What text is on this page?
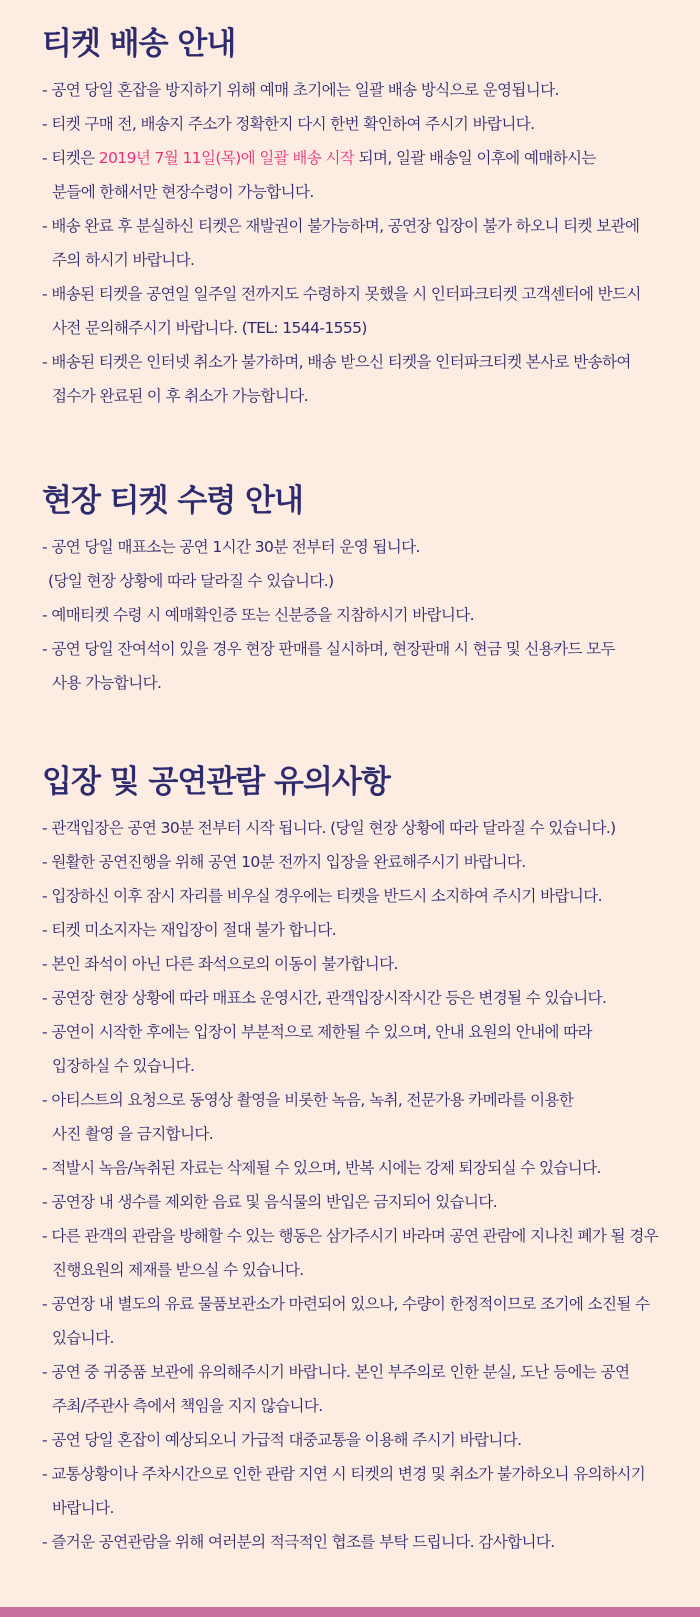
티켓 배송 안내
- 공연 당일 혼잡을 방지하기 위해 예매 초기에는 일괄 배송 방식으로 운영됩니다.
- 티켓 구매 전, 배송지 주소가 정확한지 다시 한번 확인하여 주시기 바랍니다.
- 티켓은 2019년 7월 11일(목)에 일괄 배송 시작 되며, 일괄 배송일 이후에 예매하시는
분들에 한해서만 현장수령이 가능합니다.
- 배송 완료 후 분실하신 티켓은 재발권이 불가능하며, 공연장 입장이 불가 하오니 티켓 보관에
주의 하시기 바랍니다.
- 배송된 티켓을 공연일 일주일 전까지도 수령하지 못했을 시 인터파크티켓 고객센터에 반드시
사전 문의해주시기 바랍니다. (TEL: 1544-1555)
- 배송된 티켓은 인터넷 취소가 불가하며, 배송 받으신 티켓을 인터파크티켓 본사로 반송하여
접수가 완료된 이 후 취소가 가능합니다.
현장 티켓 수령 안내
- 공연 당일 매표소는 공연 1시간 30분 전부터 운영 됩니다.
(당일 현장 상황에 따라 달라질 수 있습니다.)
- 예매티켓 수령 시 예매확인증 또는 신분증을 지참하시기 바랍니다.
- 공연 당일 잔여석이 있을 경우 현장 판매를 실시하며, 현장판매 시 현금 및 신용카드 모두
사용 가능합니다.
입장 및 공연관람 유의사항
- 관객입장은 공연 30분 전부터 시작 됩니다. (당일 현장 상황에 따라 달라질 수 있습니다.)
- 원활한 공연진행을 위해 공연 10분 전까지 입장을 완료해주시기 바랍니다.
- 입장하신 이후 잠시 자리를 비우실 경우에는 티켓을 반드시 소지하여 주시기 바랍니다.
- 티켓 미소지자는 재입장이 절대 불가 합니다.
- 본인 좌석이 아닌 다른 좌석으로의 이동이 불가합니다.
- 공연장 현장 상황에 따라 매표소 운영시간, 관객입장시작시간 등은 변경될 수 있습니다.
- 공연이 시작한 후에는 입장이 부분적으로 제한될 수 있으며, 안내 요원의 안내에 따라
입장하실 수 있습니다.
- 아티스트의 요청으로 동영상 촬영을 비롯한 녹음, 녹취, 전문가용 카메라를 이용한
사진 촬영 을 금지합니다.
- 적발시 녹음/녹취된 자료는 삭제될 수 있으며, 반복 시에는 강제 퇴장되실 수 있습니다.
- 공연장 내 생수를 제외한 음료 및 음식물의 반입은 금지되어 있습니다.
- 다른 관객의 관람을 방해할 수 있는 행동은 삼가주시기 바라며 공연 관람에 지나친 폐가 될 경우
진행요원의 제재를 받으실 수 있습니다.
- 공연장 내 별도의 유료 물품보관소가 마련되어 있으나, 수량이 한정적이므로 조기에 소진될 수
있습니다.
- 공연 중 귀중품 보관에 유의해주시기 바랍니다. 본인 부주의로 인한 분실, 도난 등에는 공연
주최/주관사 측에서 책임을 지지 않습니다.
- 공연 당일 혼잡이 예상되오니 가급적 대중교통을 이용해 주시기 바랍니다.
- 교통상황이나 주차시간으로 인한 관람 지연 시 티켓의 변경 및 취소가 불가하오니 유의하시기
바랍니다.
- 즐거운 공연관람을 위해 여러분의 적극적인 협조를 부탁 드립니다. 감사합니다.
